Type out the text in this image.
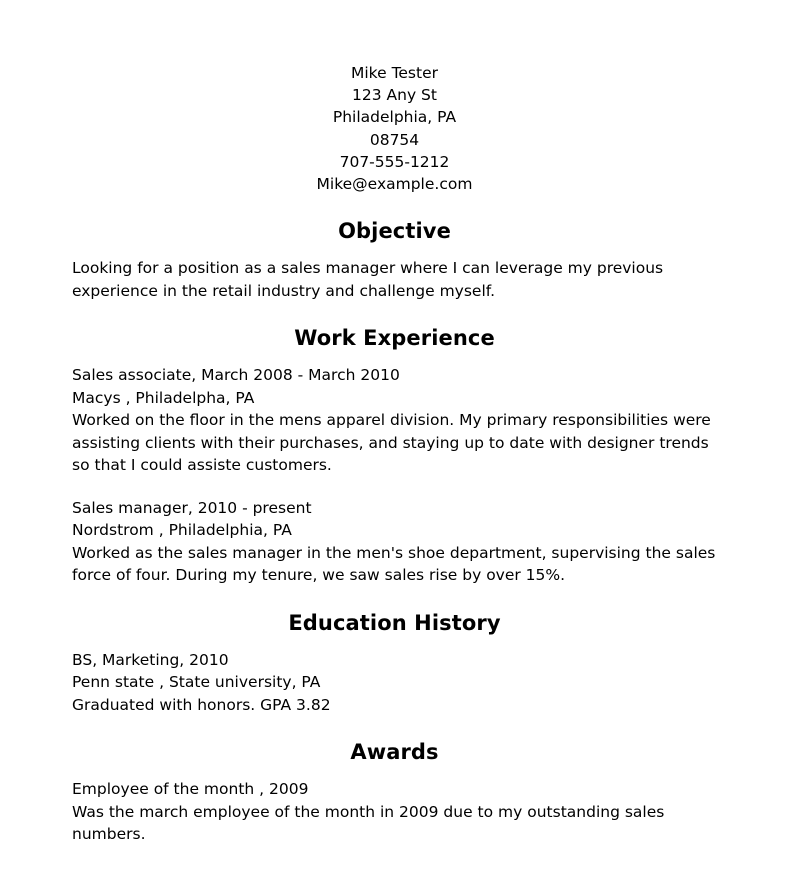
Mike Tester
123 Any St
Philadelphia, PA
08754
707-555-1212
Mike@example.com
Objective

Looking for a position as a sales manager where I can leverage my previous experience in the retail industry and challenge myself.

Work Experience
Sales associate, March 2008 - March 2010
Macys , Philadelpha, PA
Worked on the floor in the mens apparel division. My primary responsibilities were assisting clients with their purchases, and staying up to date with designer trends so that I could assiste customers.
Sales manager, 2010 - present
Nordstrom , Philadelphia, PA
Worked as the sales manager in the men's shoe department, supervising the sales force of four. During my tenure, we saw sales rise by over 15%.
Education History
BS, Marketing, 2010
Penn state , State university, PA
Graduated with honors. GPA 3.82
Awards
Employee of the month , 2009
Was the march employee of the month in 2009 due to my outstanding sales numbers.
